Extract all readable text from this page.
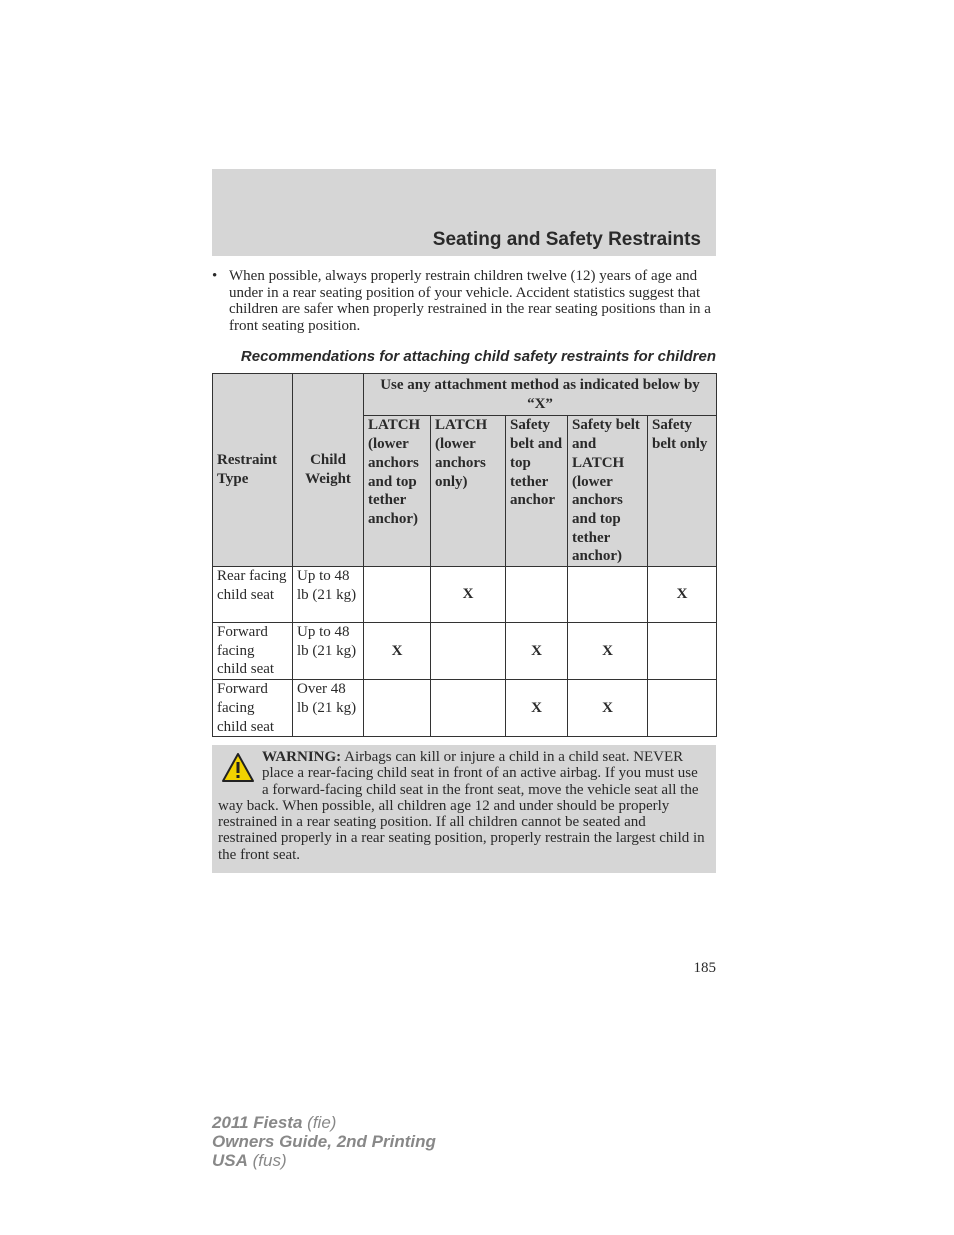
Seating and Safety Restraints
• When possible, always properly restrain children twelve (12) years of age and under in a rear seating position of your vehicle. Accident statistics suggest that children are safer when properly restrained in the rear seating positions than in a front seating position.
Recommendations for attaching child safety restraints for children
Restraint Type	Child Weight	Use any attachment method as indicated below by “X”				
		LATCH (lower anchors and top tether anchor)	LATCH (lower anchors only)	Safety belt and top tether anchor	Safety belt and LATCH (lower anchors and top tether anchor)	Safety belt only
Rear facing child seat	Up to 48 lb (21 kg)		X			X
Forward facing child seat	Up to 48 lb (21 kg)	X		X	X	
Forward facing child seat	Over 48 lb (21 kg)			X	X	
WARNING: Airbags can kill or injure a child in a child seat. NEVER place a rear-facing child seat in front of an active airbag. If you must use a forward-facing child seat in the front seat, move the vehicle seat all the way back. When possible, all children age 12 and under should be properly restrained in a rear seating position. If all children cannot be seated and restrained properly in a rear seating position, properly restrain the largest child in the front seat.
185
2011 Fiesta (fie)
Owners Guide, 2nd Printing
USA (fus)
